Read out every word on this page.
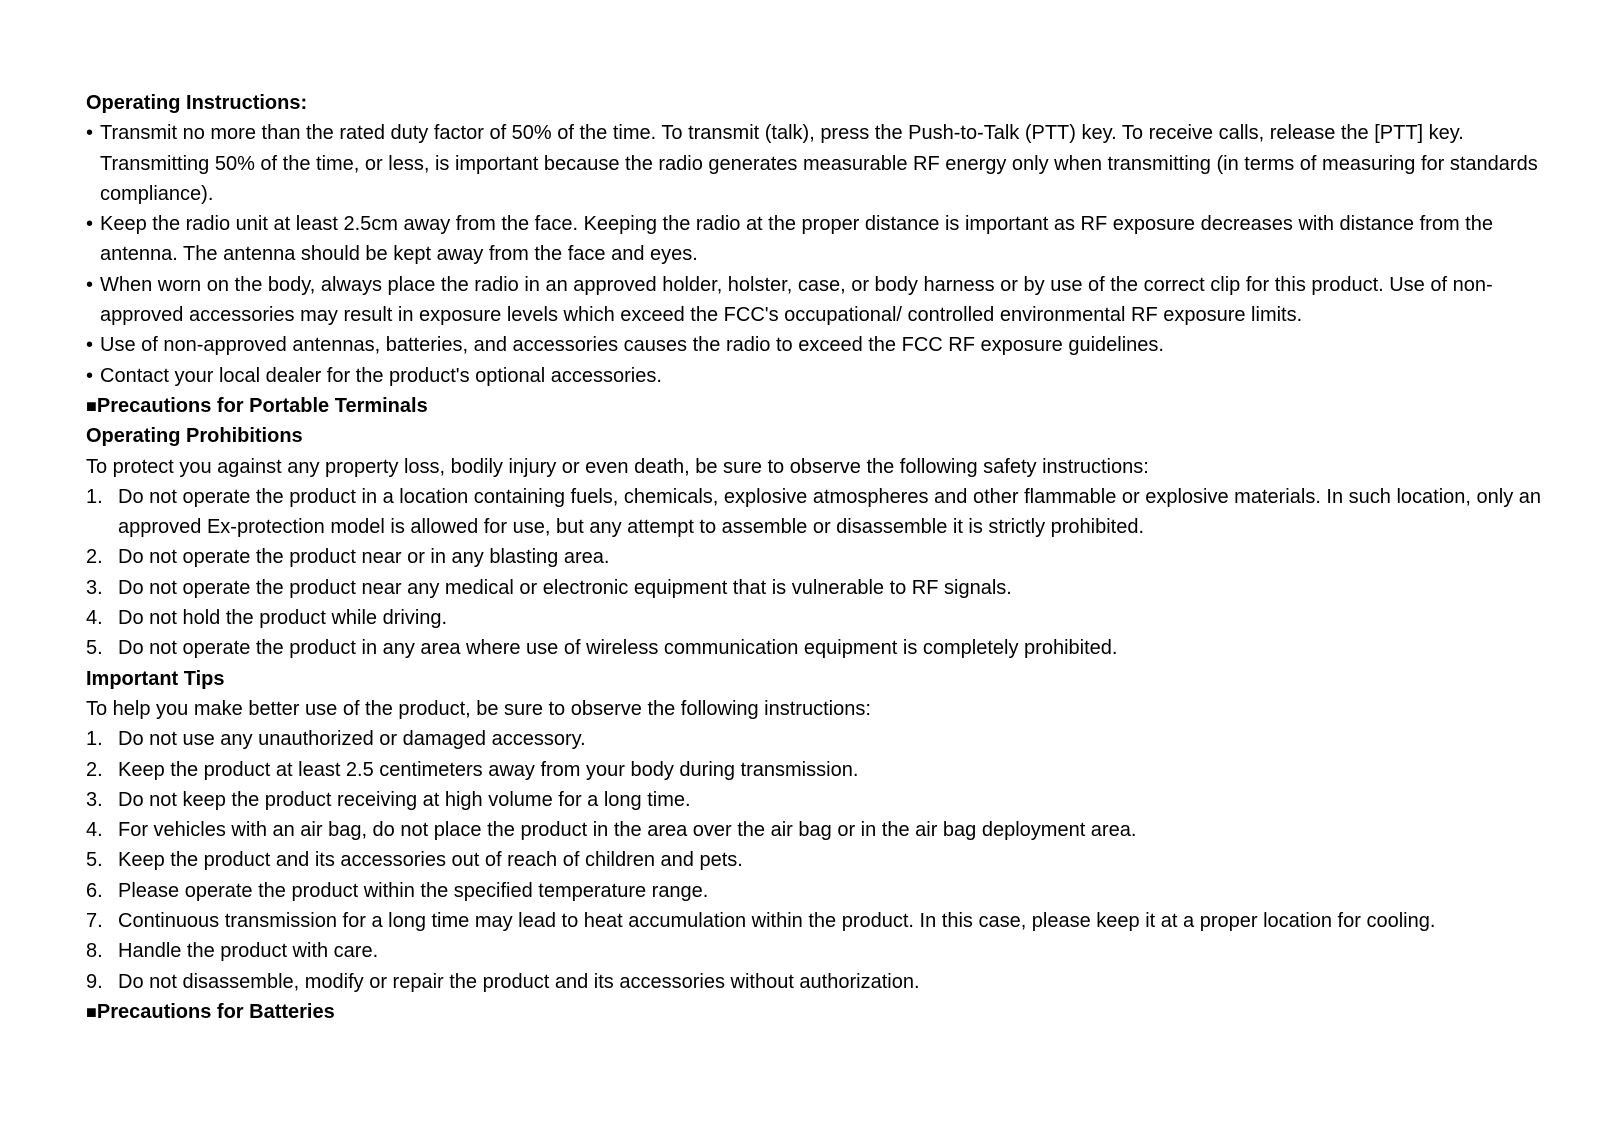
Operating Instructions:

• Transmit no more than the rated duty factor of 50% of the time. To transmit (talk), press the Push-to-Talk (PTT) key. To receive calls, release the [PTT] key. Transmitting 50% of the time, or less, is important because the radio generates measurable RF energy only when transmitting (in terms of measuring for standards compliance).
• Keep the radio unit at least 2.5cm away from the face. Keeping the radio at the proper distance is important as RF exposure decreases with distance from the antenna. The antenna should be kept away from the face and eyes.
• When worn on the body, always place the radio in an approved holder, holster, case, or body harness or by use of the correct clip for this product. Use of non-approved accessories may result in exposure levels which exceed the FCC's occupational/ controlled environmental RF exposure limits.
• Use of non-approved antennas, batteries, and accessories causes the radio to exceed the FCC RF exposure guidelines.
• Contact your local dealer for the product's optional accessories.

■Precautions for Portable Terminals

Operating Prohibitions

To protect you against any property loss, bodily injury or even death, be sure to observe the following safety instructions:

1. Do not operate the product in a location containing fuels, chemicals, explosive atmospheres and other flammable or explosive materials. In such location, only an approved Ex-protection model is allowed for use, but any attempt to assemble or disassemble it is strictly prohibited.
2. Do not operate the product near or in any blasting area.
3. Do not operate the product near any medical or electronic equipment that is vulnerable to RF signals.
4. Do not hold the product while driving.
5. Do not operate the product in any area where use of wireless communication equipment is completely prohibited.

Important Tips

To help you make better use of the product, be sure to observe the following instructions:

1. Do not use any unauthorized or damaged accessory.
2. Keep the product at least 2.5 centimeters away from your body during transmission.
3. Do not keep the product receiving at high volume for a long time.
4. For vehicles with an air bag, do not place the product in the area over the air bag or in the air bag deployment area.
5. Keep the product and its accessories out of reach of children and pets.
6. Please operate the product within the specified temperature range.
7. Continuous transmission for a long time may lead to heat accumulation within the product. In this case, please keep it at a proper location for cooling.
8. Handle the product with care.
9. Do not disassemble, modify or repair the product and its accessories without authorization.

■Precautions for Batteries
